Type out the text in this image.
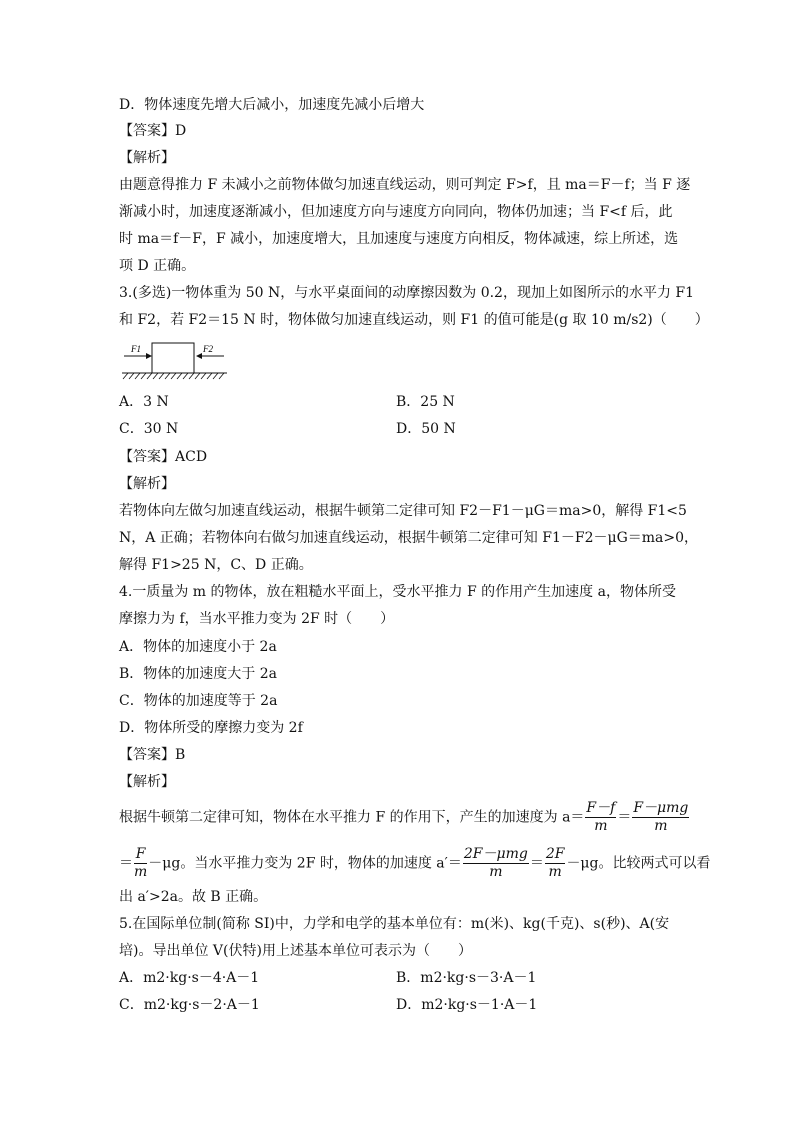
D．物体速度先增大后减小，加速度先减小后增大
【答案】D
【解析】
由题意得推力 F 未减小之前物体做匀加速直线运动，则可判定 F>f，且 ma＝F－f；当 F 逐
渐减小时，加速度逐渐减小，但加速度方向与速度方向同向，物体仍加速；当 F<f 后，此
时 ma＝f－F，F 减小，加速度增大，且加速度与速度方向相反，物体减速，综上所述，选
项 D 正确。
3.(多选)一物体重为 50 N，与水平桌面间的动摩擦因数为 0.2，现加上如图所示的水平力 F1
和 F2，若 F2＝15 N 时，物体做匀加速直线运动，则 F1 的值可能是(g 取 10 m/s2)（　　）
F1	F2
A．3 N	B．25 N
C．30 N	D．50 N
【答案】ACD
【解析】
若物体向左做匀加速直线运动，根据牛顿第二定律可知 F2－F1－μG＝ma>0，解得 F1<5
N，A 正确；若物体向右做匀加速直线运动，根据牛顿第二定律可知 F1－F2－μG＝ma>0，
解得 F1>25 N，C、D 正确。
4.一质量为 m 的物体，放在粗糙水平面上，受水平推力 F 的作用产生加速度 a，物体所受
摩擦力为 f，当水平推力变为 2F 时（　　）
A．物体的加速度小于 2a
B．物体的加速度大于 2a
C．物体的加速度等于 2a
D．物体所受的摩擦力变为 2f
【答案】B
【解析】
根据牛顿第二定律可知，物体在水平推力 F 的作用下，产生的加速度为 $a= \frac{F-f}{m} = \frac{\text{F－μmg}}{m}$
＝ $\frac{F}{m} -\mu g$。当水平推力变为 2F 时，物体的加速度 $a'= \frac{\text{2F－μmg}}{m} = \frac{2F}{m} -\mu g$。比较两式可以看
出 a′>2a。故 B 正确。
5.在国际单位制(简称 SI)中，力学和电学的基本单位有：m(米)、kg(千克)、s(秒)、A(安
培)。导出单位 V(伏特)用上述基本单位可表示为（　　）
A．m2·kg·s－4·A－1	B．m2·kg·s－3·A－1
C．m2·kg·s－2·A－1	D．m2·kg·s－1·A－1
